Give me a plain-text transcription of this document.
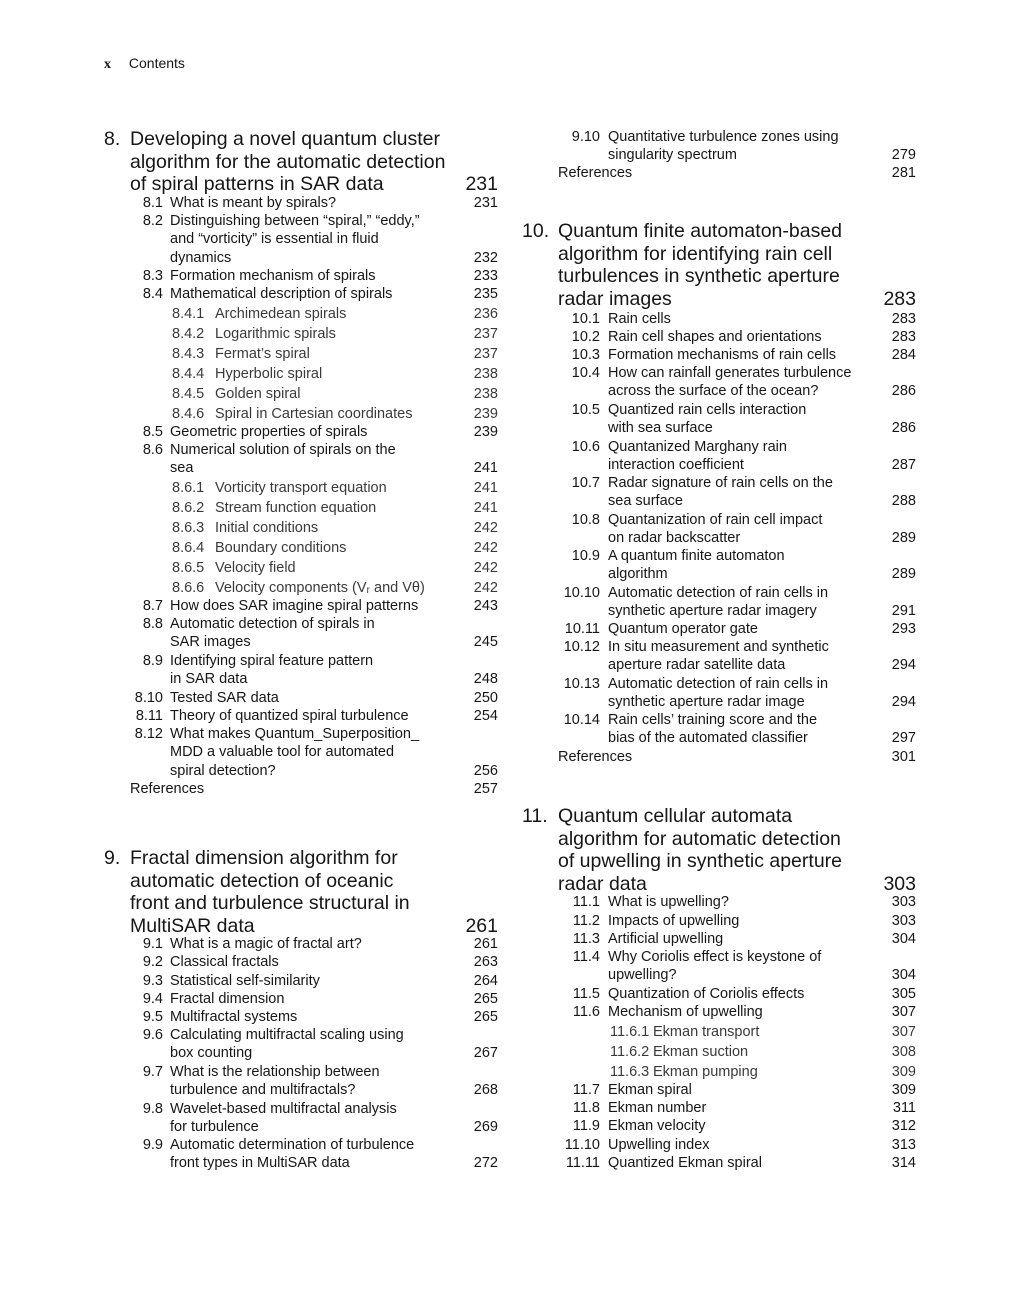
x Contents
8. Developing a novel quantum cluster
algorithm for the automatic detection
of spiral patterns in SAR data	231
8.1 What is meant by spirals?	231
8.2 Distinguishing between “spiral,” “eddy,”
and “vorticity” is essential in fluid
dynamics	232
8.3 Formation mechanism of spirals	233
8.4 Mathematical description of spirals	235
8.4.1 Archimedean spirals	236
8.4.2 Logarithmic spirals	237
8.4.3 Fermat’s spiral	237
8.4.4 Hyperbolic spiral	238
8.4.5 Golden spiral	238
8.4.6 Spiral in Cartesian coordinates	239
8.5 Geometric properties of spirals	239
8.6 Numerical solution of spirals on the
sea	241
8.6.1 Vorticity transport equation	241
8.6.2 Stream function equation	241
8.6.3 Initial conditions	242
8.6.4 Boundary conditions	242
8.6.5 Velocity field	242
8.6.6 Velocity components (Vᵣ and Vθ)	242
8.7 How does SAR imagine spiral patterns	243
8.8 Automatic detection of spirals in
SAR images	245
8.9 Identifying spiral feature pattern
in SAR data	248
8.10 Tested SAR data	250
8.11 Theory of quantized spiral turbulence	254
8.12 What makes Quantum_Superposition_
MDD a valuable tool for automated
spiral detection?	256
References	257
9. Fractal dimension algorithm for
automatic detection of oceanic
front and turbulence structural in
MultiSAR data	261
9.1 What is a magic of fractal art?	261
9.2 Classical fractals	263
9.3 Statistical self-similarity	264
9.4 Fractal dimension	265
9.5 Multifractal systems	265
9.6 Calculating multifractal scaling using
box counting	267
9.7 What is the relationship between
turbulence and multifractals?	268
9.8 Wavelet-based multifractal analysis
for turbulence	269
9.9 Automatic determination of turbulence
front types in MultiSAR data	272
9.10 Quantitative turbulence zones using
singularity spectrum	279
References	281
10. Quantum finite automaton-based
algorithm for identifying rain cell
turbulences in synthetic aperture
radar images	283
10.1 Rain cells	283
10.2 Rain cell shapes and orientations	283
10.3 Formation mechanisms of rain cells	284
10.4 How can rainfall generates turbulence
across the surface of the ocean?	286
10.5 Quantized rain cells interaction
with sea surface	286
10.6 Quantanized Marghany rain
interaction coefficient	287
10.7 Radar signature of rain cells on the
sea surface	288
10.8 Quantanization of rain cell impact
on radar backscatter	289
10.9 A quantum finite automaton
algorithm	289
10.10 Automatic detection of rain cells in
synthetic aperture radar imagery	291
10.11 Quantum operator gate	293
10.12 In situ measurement and synthetic
aperture radar satellite data	294
10.13 Automatic detection of rain cells in
synthetic aperture radar image	294
10.14 Rain cells’ training score and the
bias of the automated classifier	297
References	301
11. Quantum cellular automata
algorithm for automatic detection
of upwelling in synthetic aperture
radar data	303
11.1 What is upwelling?	303
11.2 Impacts of upwelling	303
11.3 Artificial upwelling	304
11.4 Why Coriolis effect is keystone of
upwelling?	304
11.5 Quantization of Coriolis effects	305
11.6 Mechanism of upwelling	307
11.6.1 Ekman transport	307
11.6.2 Ekman suction	308
11.6.3 Ekman pumping	309
11.7 Ekman spiral	309
11.8 Ekman number	311
11.9 Ekman velocity	312
11.10 Upwelling index	313
11.11 Quantized Ekman spiral	314
